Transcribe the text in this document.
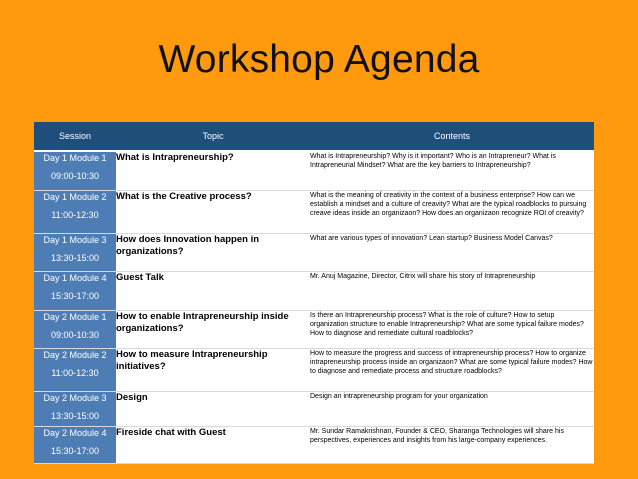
Workshop Agenda
Session	Topic	Contents
Day 1 Module 1
09:00-10:30	What is Intrapreneurship?	What is Intrapreneurship? Why is it important? Who is an Intrapreneur? What is Intrapreneurial Mindset? What are the key barriers to Intrapreneurship?
Day 1 Module 2
11:00-12:30	What is the Creative process?	What is the meaning of creativity in the context of a business enterprise? How can we establish a mindset and a culture of creavity? What are the typical roadblocks to pursuing creave ideas inside an organizaon? How does an organizaon recognize ROI of creavity?
Day 1 Module 3
13:30-15:00	How does Innovation happen in organizations?	What are various types of innovation? Lean startup? Business Model Canvas?
Day 1 Module 4
15:30-17:00	Guest Talk	Mr. Anuj Magazine, Director, Citrix will share his story of Intrapreneurship
Day 2 Module 1
09:00-10:30	How to enable Intrapreneurship inside organizations?	Is there an Intrapreneurship process? What is the role of culture? How to setup organization structure to enable Intrapreneurship? What are some typical failure modes? How to diagnose and remediate cultural roadblocks?
Day 2 Module 2
11:00-12:30	How to measure Intrapreneurship initiatives?	How to measure the progress and success of intrapreneurship process? How to organize intrapreneurship process inside an organizaon? What are some typical failure modes? How to diagnose and remediate process and structure roadblocks?
Day 2 Module 3
13:30-15:00	Design	Design an intrapreneurship program for your organization
Day 2 Module 4
15:30-17:00	Fireside chat with Guest	Mr. Sundar Ramakrishnan, Founder & CEO, Sharanga Technologies will share his perspectives, experiences and insights from his large-company experiences.
